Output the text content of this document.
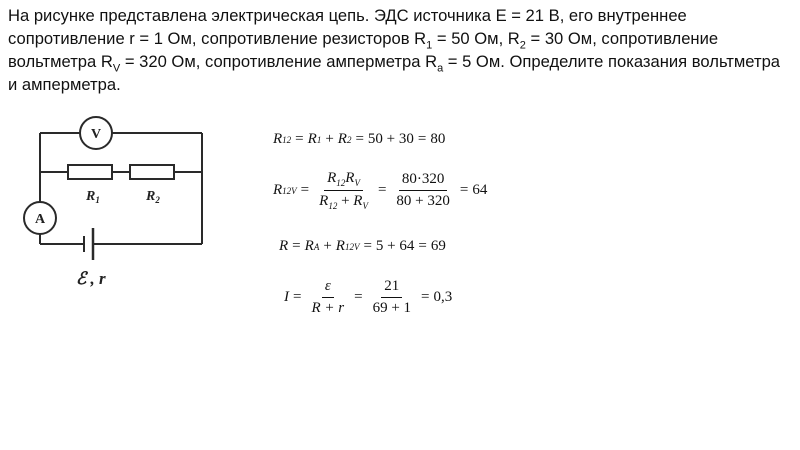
На рисунке представлена электрическая цепь. ЭДС источника E = 21 В, его внутреннее сопротивление r = 1 Ом, сопротивление резисторов $R_1 = 50$ Ом, $R_2 = 30$ Ом, сопротивление вольтметра $R_V = 320$ Ом, сопротивление амперметра $R_a = 5$ Ом. Определите показания вольтметра и амперметра.
V
A
$R_1$	$R_2$
ℰ , r
R 12 = R 1 + R 2 = 50 + 30 = 80
R $12V = \frac{R_{12}R_V}{R_{12} + R_V} = \frac{80\cdot 320}{80 + 320} = 64$
R = R A + R 12V = 5 + 64 = 69
$I = \frac{\varepsilon}{R + r} = \frac{21}{69 + 1} = 0,3$
